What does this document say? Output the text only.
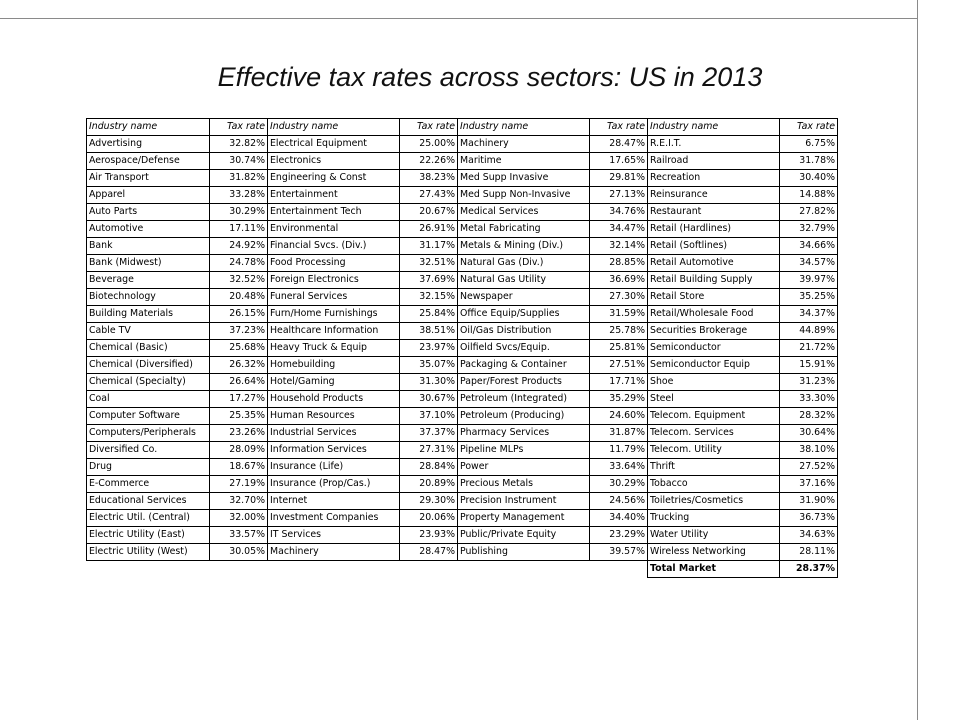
Effective tax rates across sectors: US in 2013
Industry name	Tax rate	Industry name	Tax rate	Industry name	Tax rate	Industry name	Tax rate
Advertising	32.82%	Electrical Equipment	25.00%	Machinery	28.47%	R.E.I.T.	6.75%
Aerospace/Defense	30.74%	Electronics	22.26%	Maritime	17.65%	Railroad	31.78%
Air Transport	31.82%	Engineering & Const	38.23%	Med Supp Invasive	29.81%	Recreation	30.40%
Apparel	33.28%	Entertainment	27.43%	Med Supp Non-Invasive	27.13%	Reinsurance	14.88%
Auto Parts	30.29%	Entertainment Tech	20.67%	Medical Services	34.76%	Restaurant	27.82%
Automotive	17.11%	Environmental	26.91%	Metal Fabricating	34.47%	Retail (Hardlines)	32.79%
Bank	24.92%	Financial Svcs. (Div.)	31.17%	Metals & Mining (Div.)	32.14%	Retail (Softlines)	34.66%
Bank (Midwest)	24.78%	Food Processing	32.51%	Natural Gas (Div.)	28.85%	Retail Automotive	34.57%
Beverage	32.52%	Foreign Electronics	37.69%	Natural Gas Utility	36.69%	Retail Building Supply	39.97%
Biotechnology	20.48%	Funeral Services	32.15%	Newspaper	27.30%	Retail Store	35.25%
Building Materials	26.15%	Furn/Home Furnishings	25.84%	Office Equip/Supplies	31.59%	Retail/Wholesale Food	34.37%
Cable TV	37.23%	Healthcare Information	38.51%	Oil/Gas Distribution	25.78%	Securities Brokerage	44.89%
Chemical (Basic)	25.68%	Heavy Truck & Equip	23.97%	Oilfield Svcs/Equip.	25.81%	Semiconductor	21.72%
Chemical (Diversified)	26.32%	Homebuilding	35.07%	Packaging & Container	27.51%	Semiconductor Equip	15.91%
Chemical (Specialty)	26.64%	Hotel/Gaming	31.30%	Paper/Forest Products	17.71%	Shoe	31.23%
Coal	17.27%	Household Products	30.67%	Petroleum (Integrated)	35.29%	Steel	33.30%
Computer Software	25.35%	Human Resources	37.10%	Petroleum (Producing)	24.60%	Telecom. Equipment	28.32%
Computers/Peripherals	23.26%	Industrial Services	37.37%	Pharmacy Services	31.87%	Telecom. Services	30.64%
Diversified Co.	28.09%	Information Services	27.31%	Pipeline MLPs	11.79%	Telecom. Utility	38.10%
Drug	18.67%	Insurance (Life)	28.84%	Power	33.64%	Thrift	27.52%
E-Commerce	27.19%	Insurance (Prop/Cas.)	20.89%	Precious Metals	30.29%	Tobacco	37.16%
Educational Services	32.70%	Internet	29.30%	Precision Instrument	24.56%	Toiletries/Cosmetics	31.90%
Electric Util. (Central)	32.00%	Investment Companies	20.06%	Property Management	34.40%	Trucking	36.73%
Electric Utility (East)	33.57%	IT Services	23.93%	Public/Private Equity	23.29%	Water Utility	34.63%
Electric Utility (West)	30.05%	Machinery	28.47%	Publishing	39.57%	Wireless Networking	28.11%
						Total Market	28.37%
